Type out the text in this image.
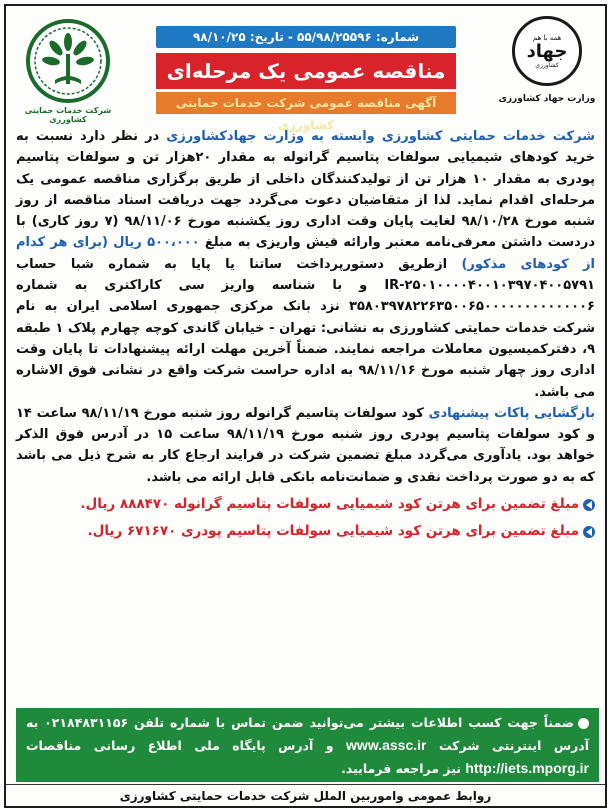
همه با هم
جهاد
کشاورزی
وزارت جهاد کشاورزی
شرکت خدمات حمایتی کشاورزی
شماره: ۵۵/۹۸/۲۵۵۹۶ - تاریخ: ۹۸/۱۰/۲۵
مناقصه عمومی یک مرحله‌ای
آگهی مناقصه عمومی شرکت خدمات حمایتی کشاورزی

شرکت خدمات حمایتی کشاورزی وابسته به وزارت جهادکشاورزی در نظر دارد نسبت به خرید کودهای شیمیایی سولفات پتاسیم گرانوله به مقدار ۲۰هزار تن و سولفات پتاسیم پودری به مقدار ۱۰ هزار تن از تولیدکنندگان داخلی از طریق برگزاری مناقصه عمومی یک مرحله‌ای اقدام نماید. لذا از متقاضیان دعوت می‌گردد جهت دریافت اسناد مناقصه از روز شنبه مورخ ۹۸/۱۰/۲۸ لغایت پایان وقت اداری روز یکشنبه مورخ ۹۸/۱۱/۰۶ (۷ روز کاری) با دردست داشتن معرفی‌نامه معتبر وارائه فیش واریزی به مبلغ ۵۰۰،۰۰۰ ریال (برای هر کدام از کودهای مذکور) ازطریق دستورپرداخت ساتنا یا پایا به شماره شبا حساب IR-۲۵۰۱۰۰۰۰۴۰۰۱۰۳۹۷۰۴۰۰۵۷۹۱ و با شناسه واریز سی کاراکتری به شماره ۳۵۸۰۳۹۷۸۲۲۶۳۵۰۰۶۵۰۰۰۰۰۰۰۰۰۰۰۰۰۶ نزد بانک مرکزی جمهوری اسلامی ایران به نام شرکت خدمات حمایتی کشاورزی به نشانی: تهران - خیابان گاندی کوچه چهارم پلاک ۱ طبقه ۹، دفترکمیسیون معاملات مراجعه نمایند. ضمناً آخرین مهلت ارائه پیشنهادات تا پایان وقت اداری روز چهار شنبه مورخ ۹۸/۱۱/۱۶ به اداره حراست شرکت واقع در نشانی فوق الاشاره می باشد.

بازگشایی پاکات پیشنهادی کود سولفات پتاسیم گرانوله روز شنبه مورخ ۹۸/۱۱/۱۹ ساعت ۱۴ و کود سولفات پتاسیم پودری روز شنبه مورخ ۹۸/۱۱/۱۹ ساعت ۱۵ در آدرس فوق الذکر خواهد بود. یادآوری می‌گردد مبلغ تضمین شرکت در فرایند ارجاع کار به شرح ذیل می باشد که به دو صورت پرداخت نقدی و ضمانت‌نامه بانکی قابل ارائه می باشد.

مبلغ تضمین برای هرتن کود شیمیایی سولفات پتاسیم گرانوله ۸۸۸۴۷۰ ریال.
مبلغ تضمین برای هرتن کود شیمیایی سولفات پتاسیم پودری ۶۷۱۶۷۰ ریال.
ضمناً جهت کسب اطلاعات بیشتر می‌توانید ضمن تماس با شماره تلفن ۰۲۱۸۴۸۳۱۱۵۶ به آدرس اینترنتی شرکت www.assc.ir و آدرس پایگاه ملی اطلاع رسانی مناقصات http://iets.mporg.ir نیز مراجعه فرمایید.
روابط عمومی واموربین الملل شرکت خدمات حمایتی کشاورزی
